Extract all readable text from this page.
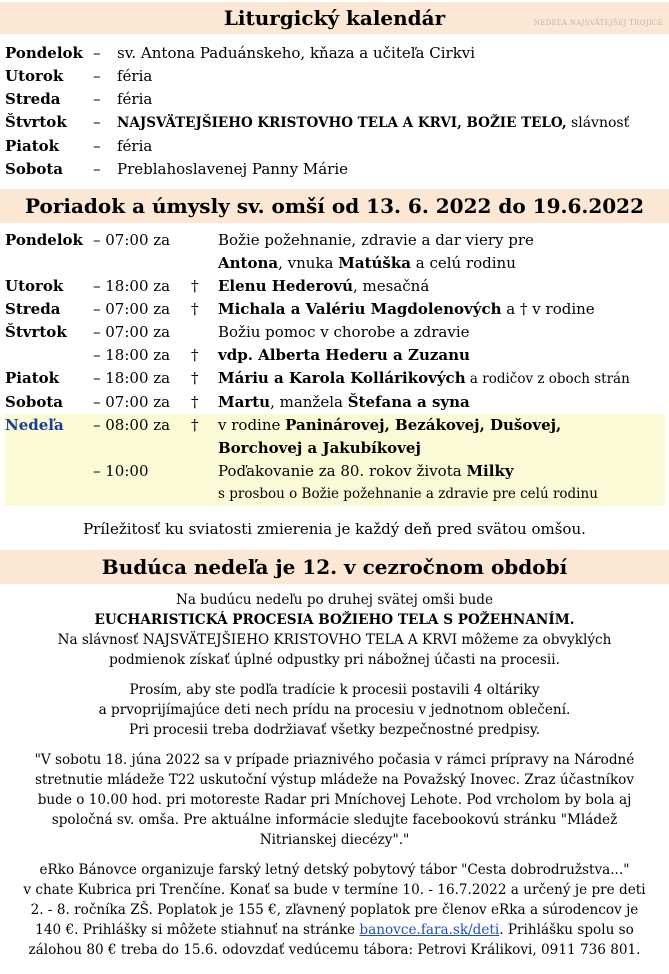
Liturgický kalendár	NEDEĽA NAJSVÄTEJŠEJ TROJICE
Pondelok –	sv. Antona Paduánskeho, kňaza a učiteľa Cirkvi
Utorok	–	féria
Streda	–	féria
Štvrtok	–	NAJSVÄTEJŠIEHO KRISTOVHO TELA A KRVI, BOŽIE TELO, slávnosť
Piatok	–	féria
Sobota	–	Preblahoslavenej Panny Márie
Poriadok a úmysly sv. omší od 13. 6. 2022 do 19.6.2022
Pondelok	– 07:00 za		Božie požehnanie, zdravie a dar viery pre
Antona, vnuka Matúška a celú rodinu

Utorok	– 18:00 za	†	Elenu Hederovú, mesačná
Streda	– 07:00 za	†	Michala a Valériu Magdolenových a † v rodine
Štvrtok	– 07:00 za		Božiu pomoc v chorobe a zdravie
	– 18:00 za	†	vdp. Alberta Hederu a Zuzanu
Piatok	– 18:00 za	†	Máriu a Karola Kollárikových a rodičov z oboch strán
Sobota	– 07:00 za	†	Martu, manžela Štefana a syna
Nedeľa	– 08:00 za	†	v rodine Paninárovej, Bezákovej, Dušovej,
Borchovej a Jakubíkovej

	– 10:00		Poďakovanie za 80. rokov života Milky
s prosbou o Božie požehnanie a zdravie pre celú rodinu
Príležitosť ku sviatosti zmierenia je každý deň pred svätou omšou.
Budúca nedeľa je 12. v cezročnom období

Na budúcu nedeľu po druhej svätej omši bude

EUCHARISTICKÁ PROCESIA BOŽIEHO TELA S POŽEHNANÍM.

Na slávnosť NAJSVÄTEJŠIEHO KRISTOVHO TELA A KRVI môžeme za obvyklých

podmienok získať úplné odpustky pri nábožnej účasti na procesii.

Prosím, aby ste podľa tradície k procesii postavili 4 oltáriky

a prvoprijímajúce deti nech prídu na procesiu v jednotnom oblečení.

Pri procesii treba dodržiavať všetky bezpečnostné predpisy.

"V sobotu 18. júna 2022 sa v prípade priaznivého počasia v rámci prípravy na Národné

stretnutie mládeže T22 uskutoční výstup mládeže na Považský Inovec. Zraz účastníkov

bude o 10.00 hod. pri motoreste Radar pri Mníchovej Lehote. Pod vrcholom by bola aj

spoločná sv. omša. Pre aktuálne informácie sledujte facebookovú stránku "Mládež

Nitrianskej diecézy"."

eRko Bánovce organizuje farský letný detský pobytový tábor "Cesta dobrodružstva..."

v chate Kubrica pri Trenčíne. Konať sa bude v termíne 10. - 16.7.2022 a určený je pre deti

2. - 8. ročníka ZŠ. Poplatok je 155 €, zľavnený poplatok pre členov eRka a súrodencov je

140 €. Prihlášky si môžete stiahnuť na stránke banovce.fara.sk/deti. Prihlášku spolu so

zálohou 80 € treba do 15.6. odovzdať vedúcemu tábora: Petrovi Králikovi, 0911 736 801.
